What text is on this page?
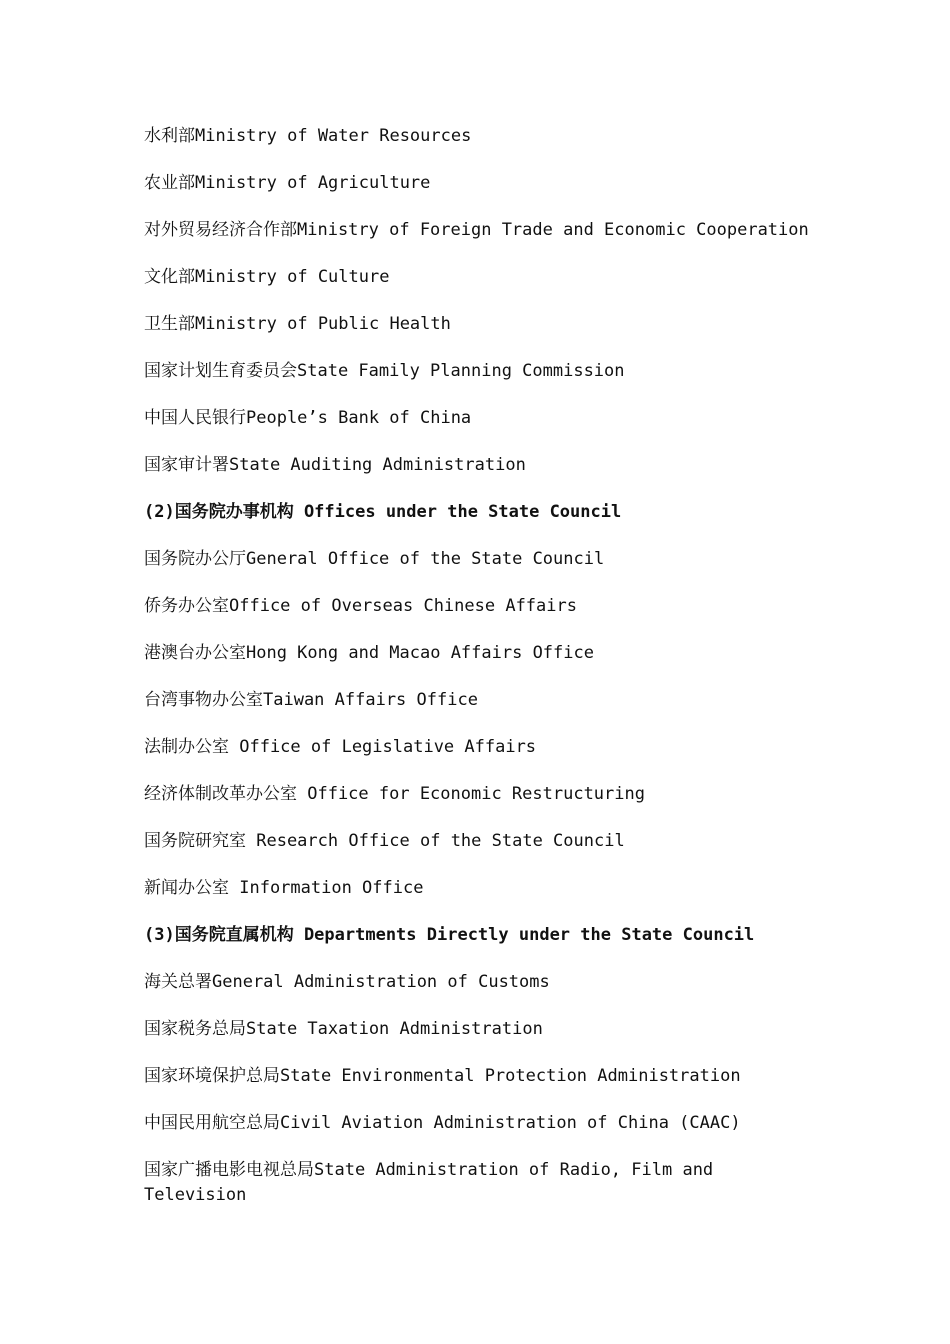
水利部Ministry of Water Resources
农业部Ministry of Agriculture
对外贸易经济合作部Ministry of Foreign Trade and Economic Cooperation
文化部Ministry of Culture
卫生部Ministry of Public Health
国家计划生育委员会State Family Planning Commission
中国人民银行People’s Bank of China
国家审计署State Auditing Administration
(2)国务院办事机构 Offices under the State Council
国务院办公厅General Office of the State Council
侨务办公室Office of Overseas Chinese Affairs
港澳台办公室Hong Kong and Macao Affairs Office
台湾事物办公室Taiwan Affairs Office
法制办公室 Office of Legislative Affairs
经济体制改革办公室 Office for Economic Restructuring
国务院研究室 Research Office of the State Council
新闻办公室 Information Office
(3)国务院直属机构 Departments Directly under the State Council
海关总署General Administration of Customs
国家税务总局State Taxation Administration
国家环境保护总局State Environmental Protection Administration
中国民用航空总局Civil Aviation Administration of China (CAAC)
国家广播电影电视总局State Administration of Radio, Film and Television
